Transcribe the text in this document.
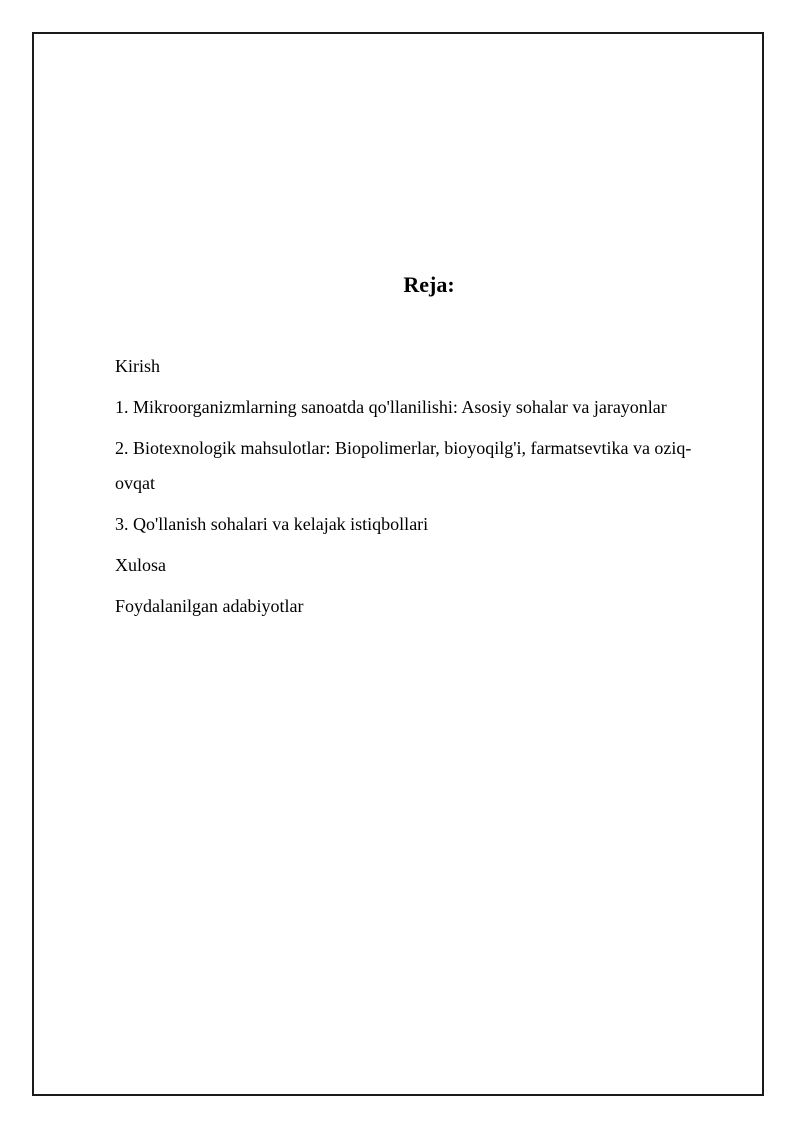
Reja:
Kirish
1. Mikroorganizmlarning sanoatda qo'llanilishi: Asosiy sohalar va jarayonlar
2. Biotexnologik mahsulotlar: Biopolimerlar, bioyoqilg'i, farmatsevtika va oziq-ovqat
3. Qo'llanish sohalari va kelajak istiqbollari
Xulosa
Foydalanilgan adabiyotlar
